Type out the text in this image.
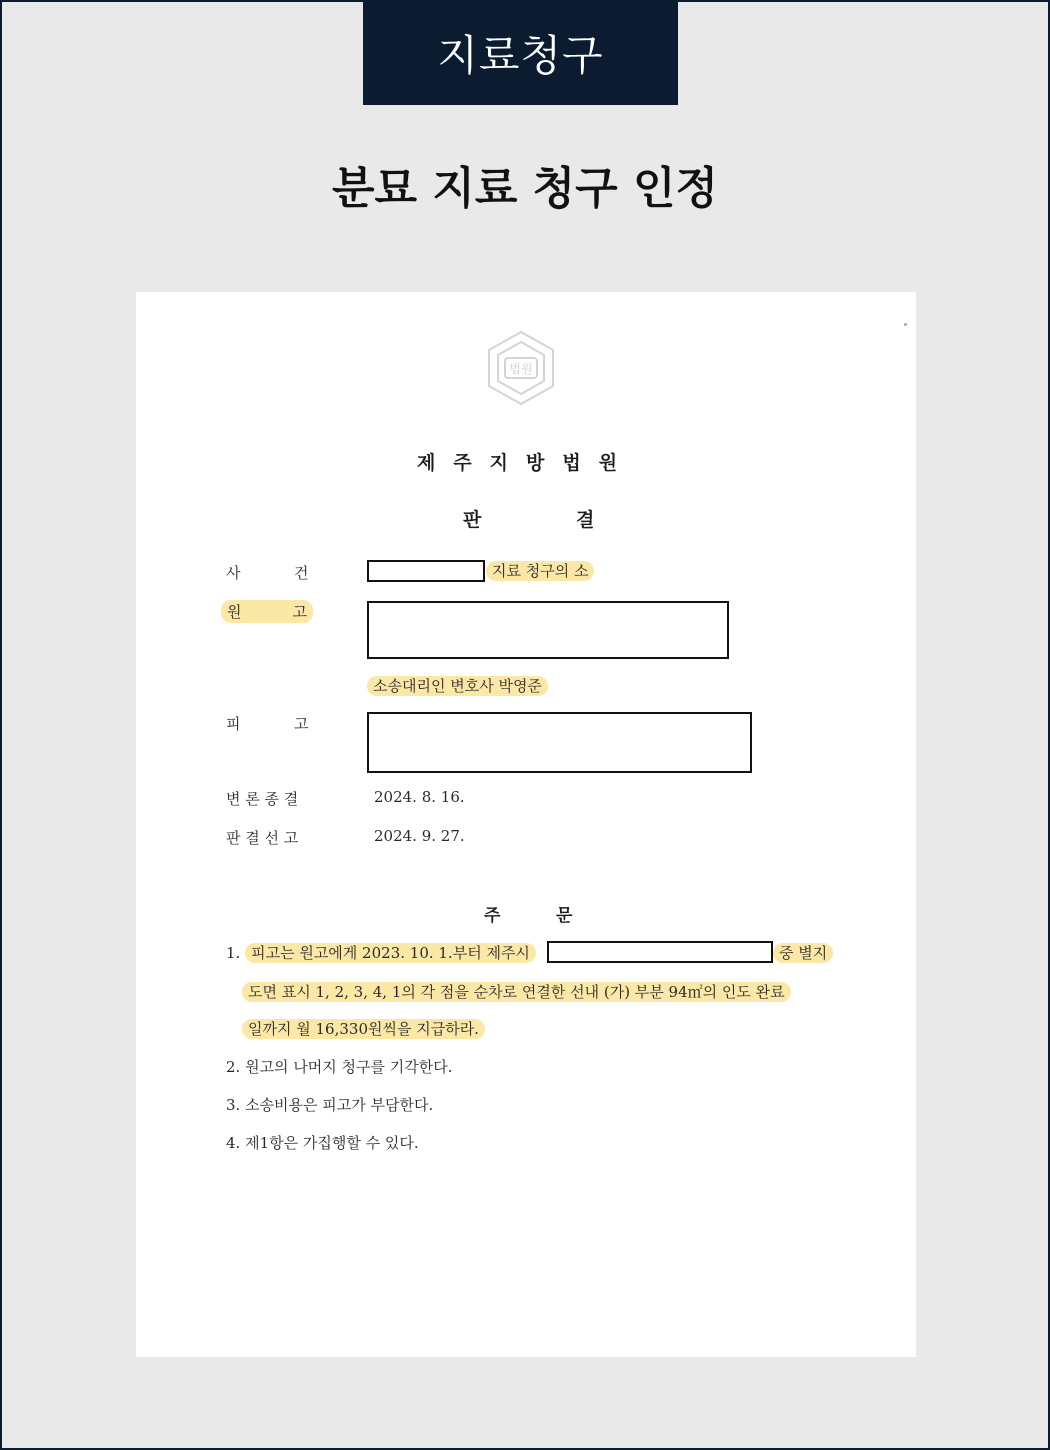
지료청구
분묘 지료 청구 인정
법원
제주지방법원
판	결
사	건	지료 청구의 소
원	고
소송대리인 변호사 박영준
피	고
변 론 종 결	2024. 8. 16.
판 결 선 고	2024. 9. 27.
주	문
1. 피고는 원고에게 2023. 10. 1.부터 제주시	중 별지
도면 표시 1, 2, 3, 4, 1의 각 점을 순차로 연결한 선내 (가) 부분 94㎡의 인도 완료
일까지 월 16,330원씩을 지급하라.
2. 원고의 나머지 청구를 기각한다.
3. 소송비용은 피고가 부담한다.
4. 제1항은 가집행할 수 있다.
